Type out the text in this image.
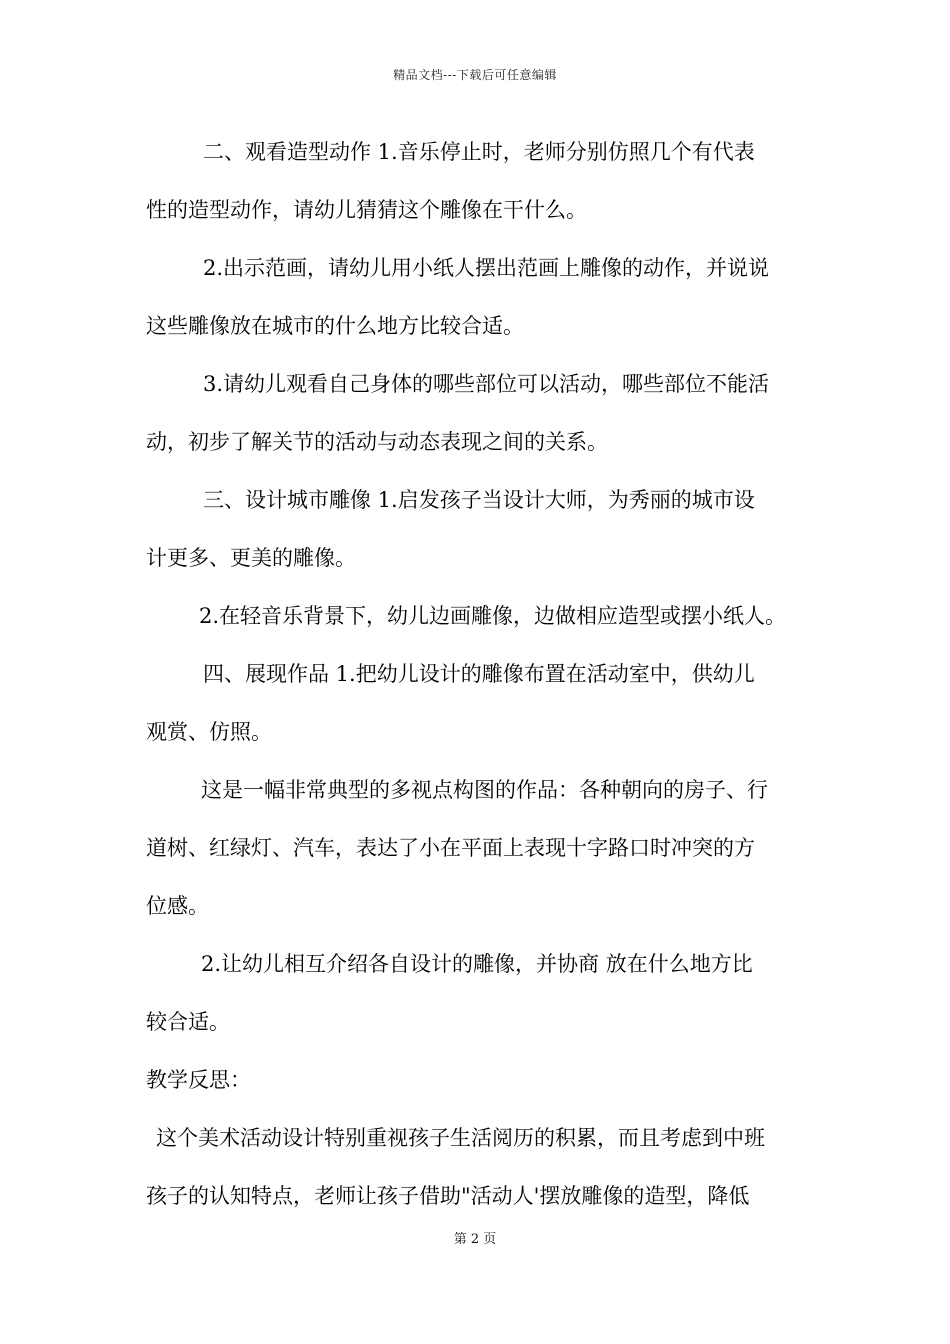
精品文档---下载后可任意编辑
二、观看造型动作 1.音乐停止时，老师分别仿照几个有代表
性的造型动作，请幼儿猜猜这个雕像在干什么。
2.出示范画，请幼儿用小纸人摆出范画上雕像的动作，并说说
这些雕像放在城市的什么地方比较合适。
3.请幼儿观看自己身体的哪些部位可以活动，哪些部位不能活
动，初步了解关节的活动与动态表现之间的关系。
三、设计城市雕像 1.启发孩子当设计大师，为秀丽的城市设
计更多、更美的雕像。
2.在轻音乐背景下，幼儿边画雕像，边做相应造型或摆小纸人。
四、展现作品 1.把幼儿设计的雕像布置在活动室中，供幼儿
观赏、仿照。
这是一幅非常典型的多视点构图的作品：各种朝向的房子、行
道树、红绿灯、汽车，表达了小在平面上表现十字路口时冲突的方
位感。
2.让幼儿相互介绍各自设计的雕像，并协商 放在什么地方比
较合适。
教学反思：
这个美术活动设计特别重视孩子生活阅历的积累，而且考虑到中班
孩子的认知特点，老师让孩子借助"活动人'摆放雕像的造型，降低
第 2 页
